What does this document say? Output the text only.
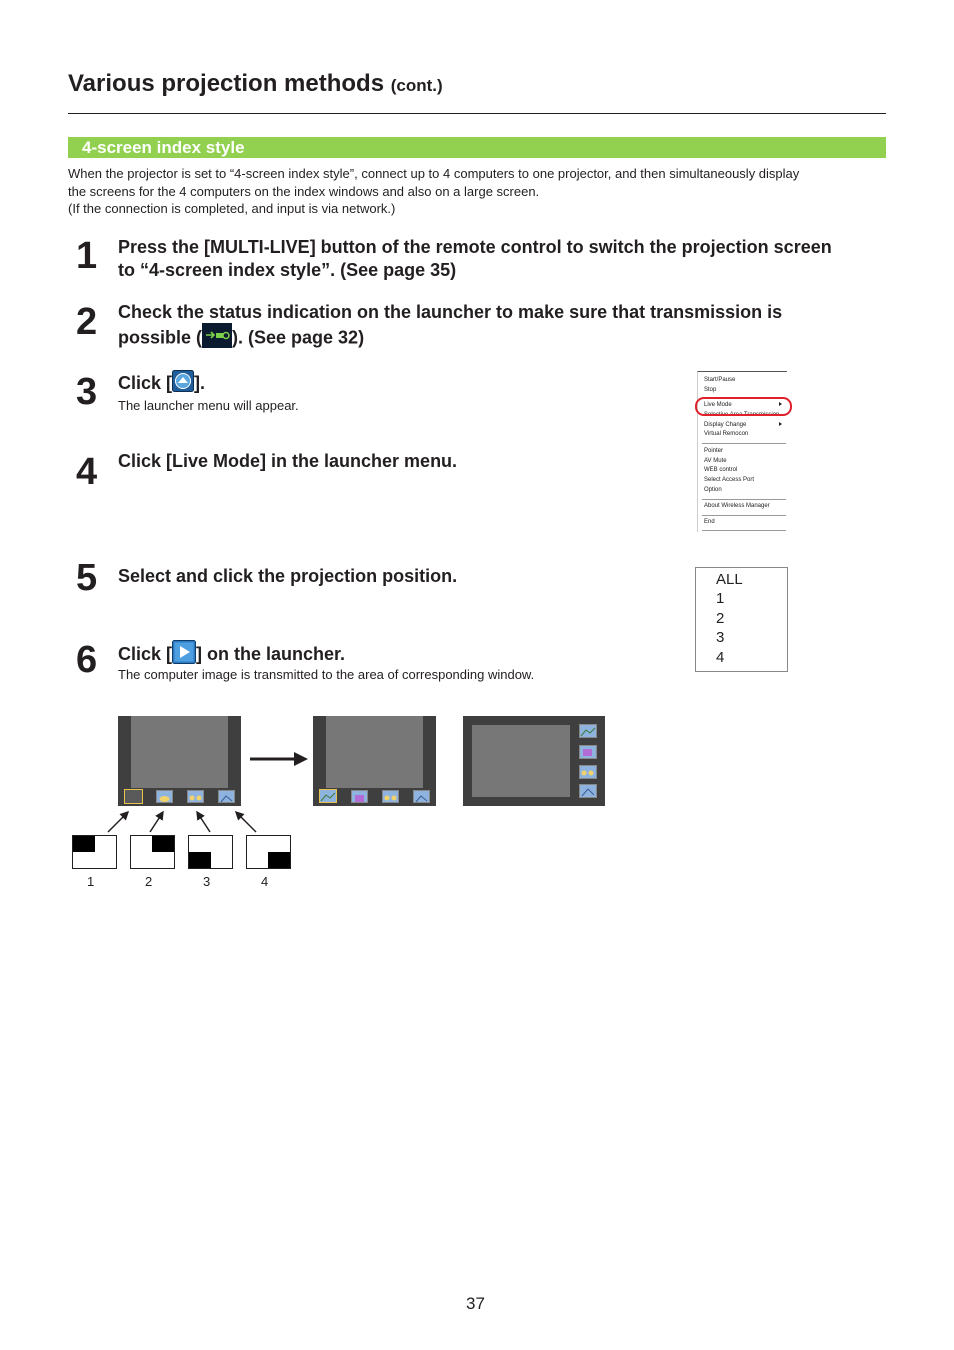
Various projection methods (cont.)
4-screen index style
When the projector is set to “4-screen index style”, connect up to 4 computers to one projector, and then simultaneously display
the screens for the 4 computers on the index windows and also on a large screen.
(If the connection is completed, and input is via network.)
1 Press the [MULTI-LIVE] button of the remote control to switch the projection screen
to “4-screen index style”. (See page 35)
2 Check the status indication on the launcher to make sure that transmission is
possible ( ). (See page 32)
3 Click [ ].
The launcher menu will appear.
4 Click [Live Mode] in the launcher menu.
5 Select and click the projection position.
6 Click [ ] on the launcher.
The computer image is transmitted to the area of corresponding window.
Start/Pause
Stop
Live Mode
Selective Area Transmission
Display Change
Virtual Remocon
Pointer
AV Mute
WEB control
Select Access Port
Option
About Wireless Manager
End
ALL
1
2
3
4
1	2	3	4
37
